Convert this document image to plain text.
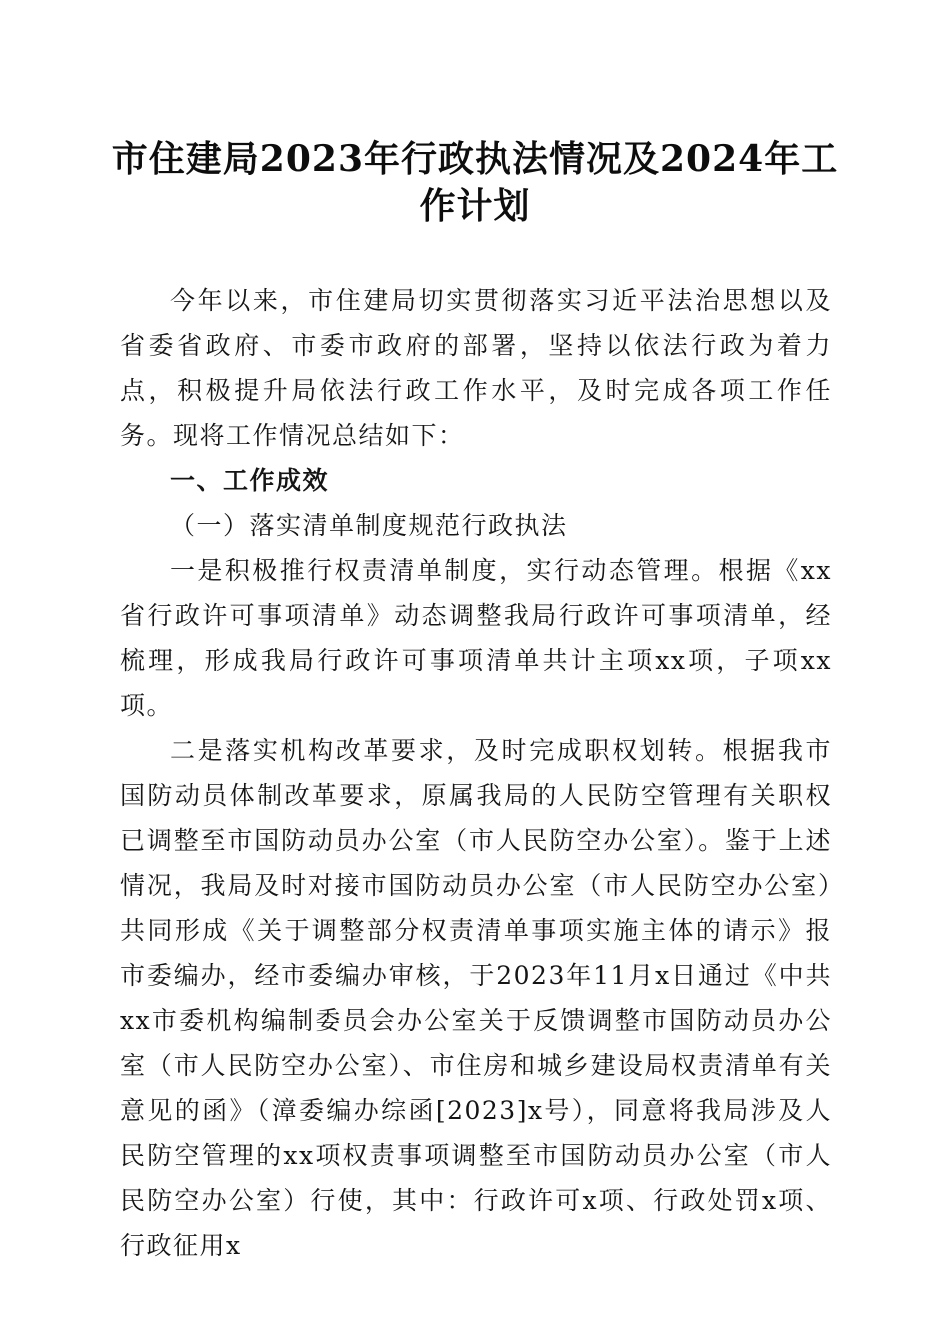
市住建局2023年行政执法情况及2024年工作计划

今年以来，市住建局切实贯彻落实习近平法治思想以及省委省政府、市委市政府的部署，坚持以依法行政为着力点，积极提升局依法行政工作水平，及时完成各项工作任务。现将工作情况总结如下：

一、工作成效

（一）落实清单制度规范行政执法

一是积极推行权责清单制度，实行动态管理。根据《xx省行政许可事项清单》动态调整我局行政许可事项清单，经梳理，形成我局行政许可事项清单共计主项xx项，子项xx项。

二是落实机构改革要求，及时完成职权划转。根据我市国防动员体制改革要求，原属我局的人民防空管理有关职权已调整至市国防动员办公室（市人民防空办公室）。鉴于上述情况，我局及时对接市国防动员办公室（市人民防空办公室）共同形成《关于调整部分权责清单事项实施主体的请示》报市委编办，经市委编办审核，于2023年11月x日通过《中共xx市委机构编制委员会办公室关于反馈调整市国防动员办公室（市人民防空办公室）、市住房和城乡建设局权责清单有关意见的函》（漳委编办综函[2023]x号），同意将我局涉及人民防空管理的xx项权责事项调整至市国防动员办公室（市人民防空办公室）行使，其中：行政许可x项、行政处罚x项、行政征用x
